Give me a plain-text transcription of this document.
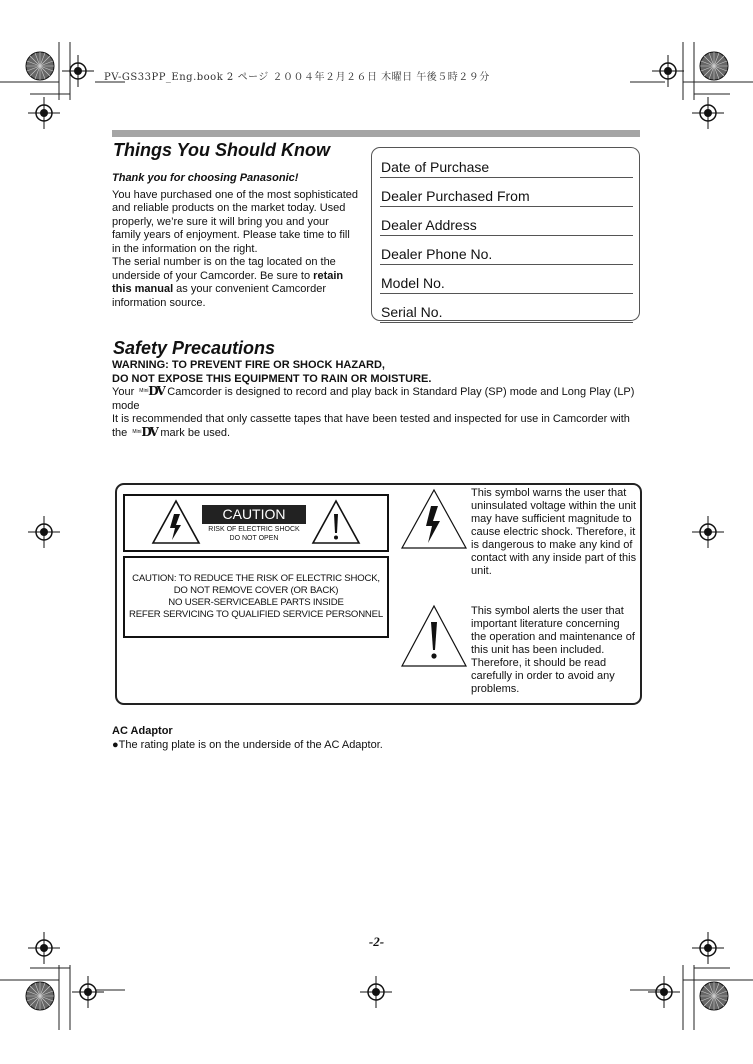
PV-GS33PP_Eng.book 2 ページ ２００４年２月２６日 木曜日 午後５時２９分
Things You Should Know

Thank you for choosing Panasonic!

You have purchased one of the most sophisticated and reliable products on the market today. Used properly, we’re sure it will bring you and your family years of enjoyment. Please take time to fill in the information on the right.

The serial number is on the tag located on the underside of your Camcorder. Be sure to retain this manual as your convenient Camcorder information source.

Date of Purchase
Dealer Purchased From
Dealer Address
Dealer Phone No.
Model No.
Serial No.
Safety Precautions

WARNING: TO PREVENT FIRE OR SHOCK HAZARD,

DO NOT EXPOSE THIS EQUIPMENT TO RAIN OR MOISTURE.

Your Mini DV Camcorder is designed to record and play back in Standard Play (SP) mode and Long Play (LP) mode

It is recommended that only cassette tapes that have been tested and inspected for use in Camcorder with the Mini DV mark be used.

CAUTION
RISK OF ELECTRIC SHOCK
DO NOT OPEN
CAUTION: TO REDUCE THE RISK OF ELECTRIC SHOCK,
DO NOT REMOVE COVER (OR BACK)
NO USER-SERVICEABLE PARTS INSIDE
REFER SERVICING TO QUALIFIED SERVICE PERSONNEL
This symbol warns the user that uninsulated voltage within the unit may have sufficient magnitude to cause electric shock. Therefore, it is dangerous to make any kind of contact with any inside part of this unit.
This symbol alerts the user that important literature concerning the operation and maintenance of this unit has been included. Therefore, it should be read carefully in order to avoid any problems.
AC Adaptor
●The rating plate is on the underside of the AC Adaptor.
-2-
